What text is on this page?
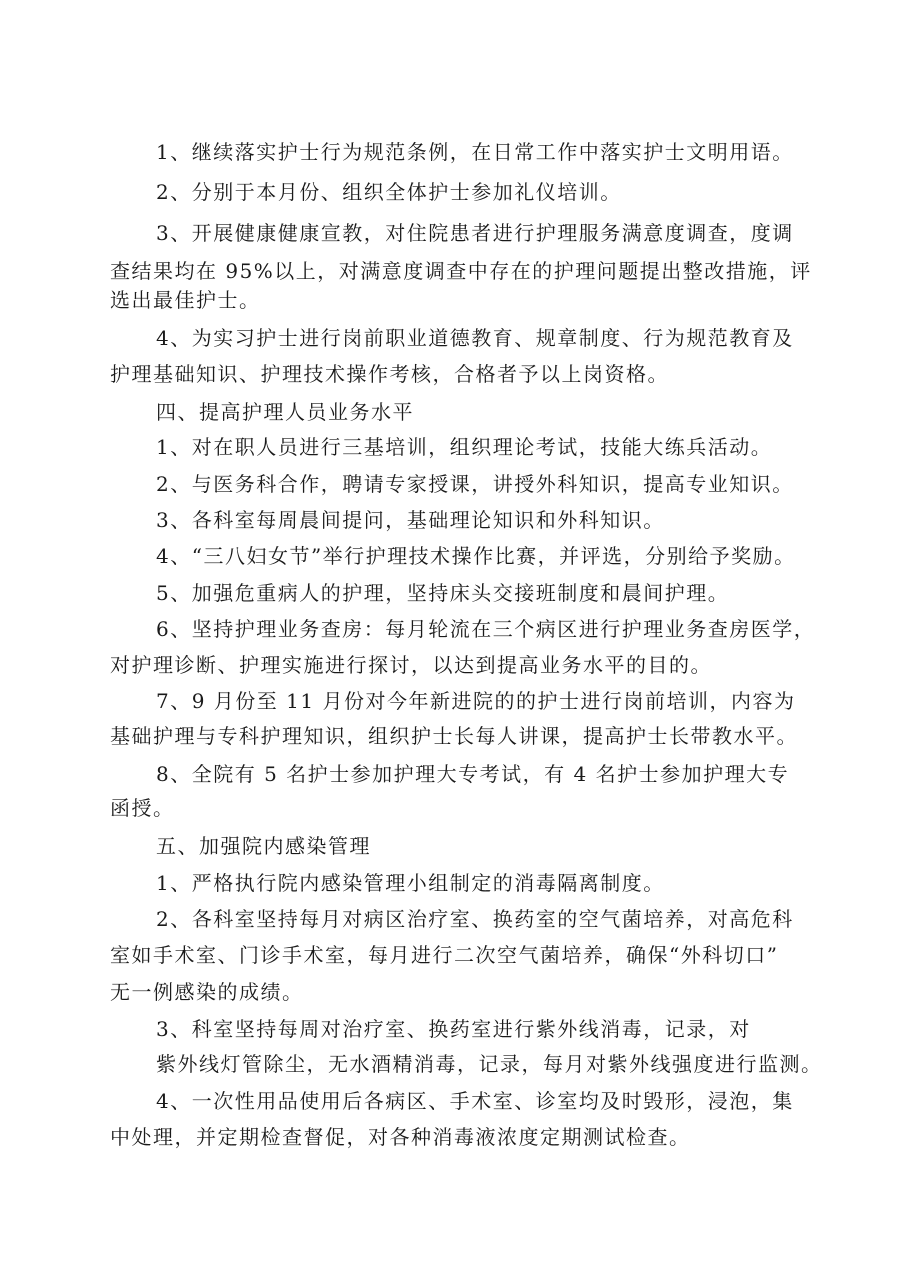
1、继续落实护士行为规范条例，在日常工作中落实护士文明用语。
2、分别于本月份、组织全体护士参加礼仪培训。
3、开展健康健康宣教，对住院患者进行护理服务满意度调查，度调
查结果均在 95%以上，对满意度调查中存在的护理问题提出整改措施，评
选出最佳护士。
4、为实习护士进行岗前职业道德教育、规章制度、行为规范教育及
护理基础知识、护理技术操作考核，合格者予以上岗资格。
四、提高护理人员业务水平
1、对在职人员进行三基培训，组织理论考试，技能大练兵活动。
2、与医务科合作，聘请专家授课，讲授外科知识，提高专业知识。
3、各科室每周晨间提问，基础理论知识和外科知识。
4、“三八妇女节”举行护理技术操作比赛，并评选，分别给予奖励。
5、加强危重病人的护理，坚持床头交接班制度和晨间护理。
6、坚持护理业务查房：每月轮流在三个病区进行护理业务查房医学，
对护理诊断、护理实施进行探讨，以达到提高业务水平的目的。
7、9 月份至 11 月份对今年新进院的的护士进行岗前培训，内容为
基础护理与专科护理知识，组织护士长每人讲课，提高护士长带教水平。
8、全院有 5 名护士参加护理大专考试，有 4 名护士参加护理大专
函授。
五、加强院内感染管理
1、严格执行院内感染管理小组制定的消毒隔离制度。
2、各科室坚持每月对病区治疗室、换药室的空气菌培养，对高危科
室如手术室、门诊手术室，每月进行二次空气菌培养，确保“外科切口”
无一例感染的成绩。
3、科室坚持每周对治疗室、换药室进行紫外线消毒，记录，对
紫外线灯管除尘，无水酒精消毒，记录，每月对紫外线强度进行监测。
4、一次性用品使用后各病区、手术室、诊室均及时毁形，浸泡，集
中处理，并定期检查督促，对各种消毒液浓度定期测试检查。
